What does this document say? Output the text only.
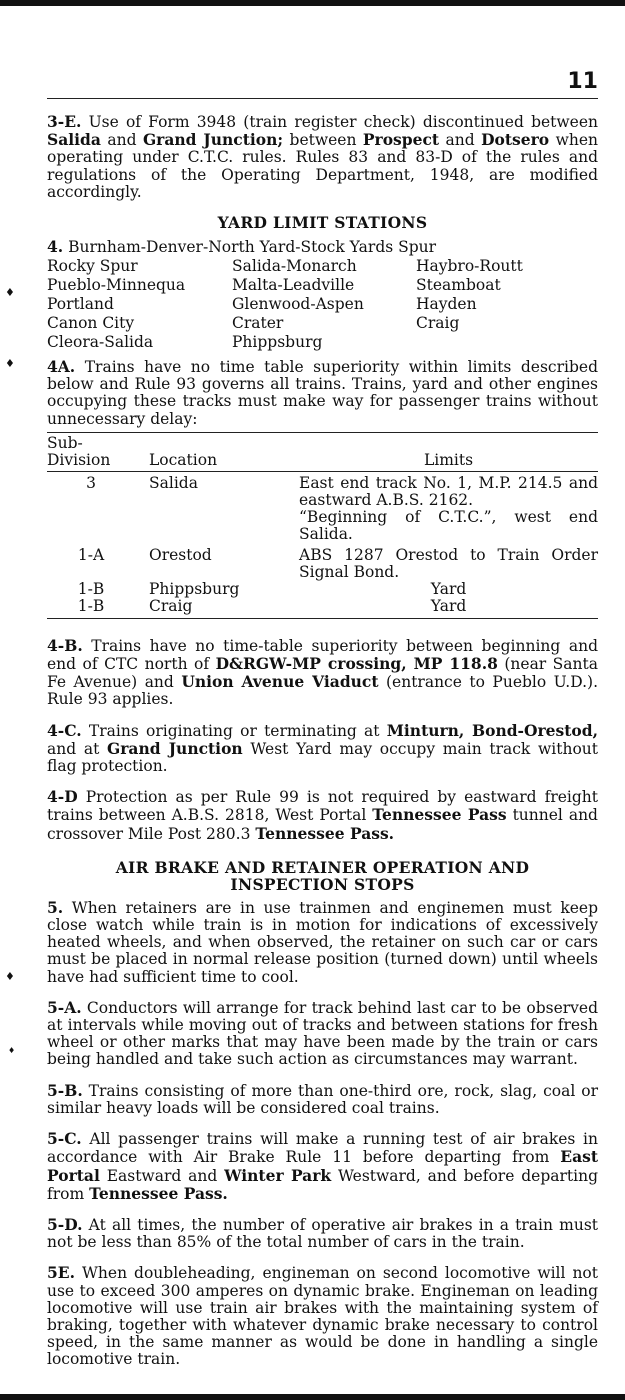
♦
♦
♦
♦
11

3-E. Use of Form 3948 (train register check) discontinued between Salida and Grand Junction; between Prospect and Dotsero when operating under C.T.C. rules. Rules 83 and 83-D of the rules and regulations of the Operating Department, 1948, are modified accordingly.

YARD LIMIT STATIONS
4. Burnham-Denver-North Yard-Stock Yards Spur
Rocky Spur	Salida-Monarch	Haybro-Routt
Pueblo-Minnequa	Malta-Leadville	Steamboat
Portland	Glenwood-Aspen	Hayden
Canon City	Crater	Craig
Cleora-Salida	Phippsburg

4A. Trains have no time table superiority within limits described below and Rule 93 governs all trains. Trains, yard and other engines occupying these tracks must make way for passenger trains without unnecessary delay:

Sub-
Division	Location	Limits
3	Salida	East end track No. 1, M.P. 214.5 and eastward A.B.S. 2162.
		“Beginning of C.T.C.”, west end Salida.
1-A	Orestod	ABS 1287 Orestod to Train Order Signal Bond.
1-B	Phippsburg	Yard
1-B	Craig	Yard

4-B. Trains have no time-table superiority between beginning and end of CTC north of D&RGW-MP crossing, MP 118.8 (near Santa Fe Avenue) and Union Avenue Viaduct (entrance to Pueblo U.D.). Rule 93 applies.

4-C. Trains originating or terminating at Minturn, Bond-Orestod, and at Grand Junction West Yard may occupy main track without flag protection.

4-D Protection as per Rule 99 is not required by eastward freight trains between A.B.S. 2818, West Portal Tennessee Pass tunnel and crossover Mile Post 280.3 Tennessee Pass.

AIR BRAKE AND RETAINER OPERATION AND
INSPECTION STOPS

5. When retainers are in use trainmen and enginemen must keep close watch while train is in motion for indications of excessively heated wheels, and when observed, the retainer on such car or cars must be placed in normal release position (turned down) until wheels have had sufficient time to cool.

5-A. Conductors will arrange for track behind last car to be observed at intervals while moving out of tracks and between stations for fresh wheel or other marks that may have been made by the train or cars being handled and take such action as circumstances may warrant.

5-B. Trains consisting of more than one-third ore, rock, slag, coal or similar heavy loads will be considered coal trains.

5-C. All passenger trains will make a running test of air brakes in accordance with Air Brake Rule 11 before departing from East Portal Eastward and Winter Park Westward, and before departing from Tennessee Pass.

5-D. At all times, the number of operative air brakes in a train must not be less than 85% of the total number of cars in the train.

5E. When doubleheading, engineman on second locomotive will not use to exceed 300 amperes on dynamic brake. Engineman on leading locomotive will use train air brakes with the maintaining system of braking, together with whatever dynamic brake necessary to control speed, in the same manner as would be done in handling a single locomotive train.
